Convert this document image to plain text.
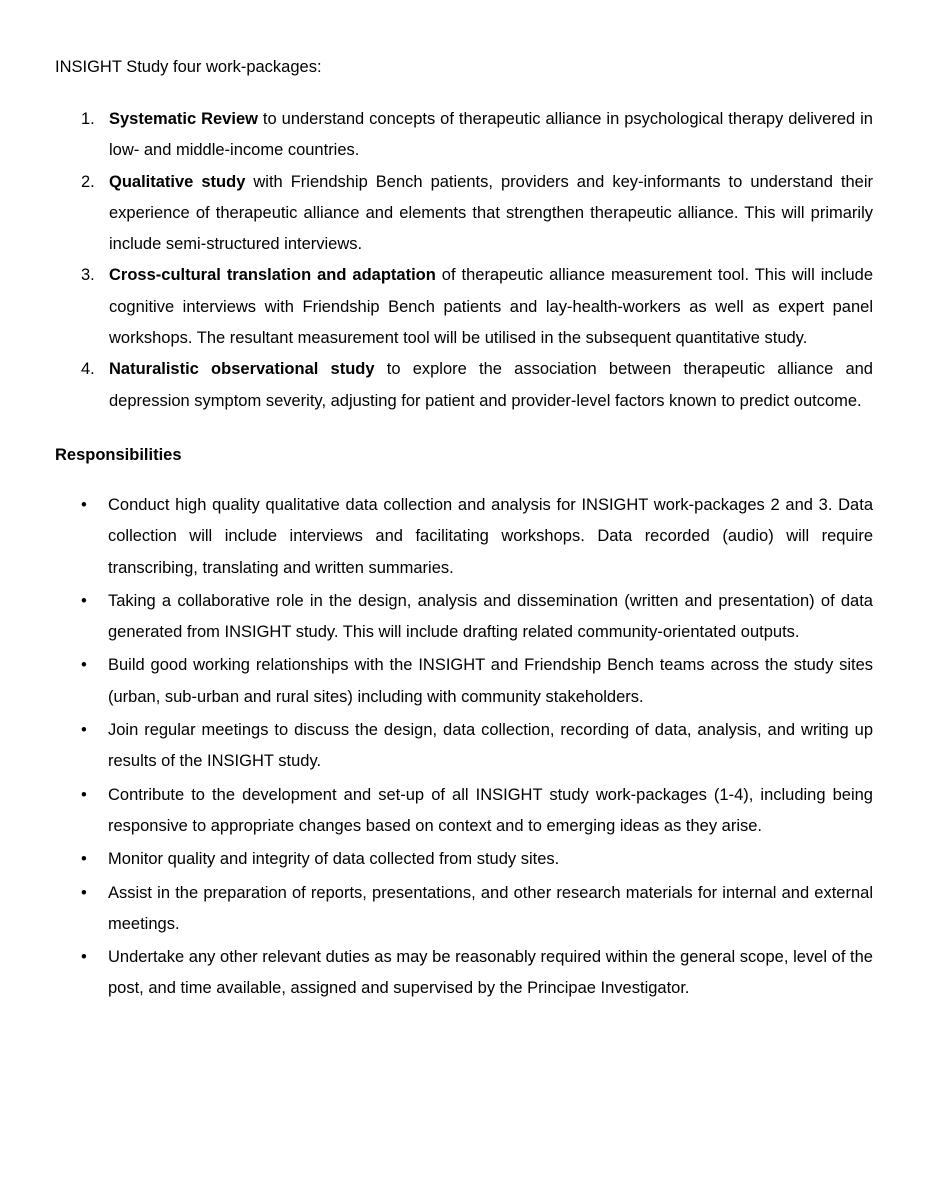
INSIGHT Study four work-packages:

1. Systematic Review to understand concepts of therapeutic alliance in psychological therapy delivered in low- and middle-income countries.
2. Qualitative study with Friendship Bench patients, providers and key-informants to understand their experience of therapeutic alliance and elements that strengthen therapeutic alliance. This will primarily include semi-structured interviews.
3. Cross-cultural translation and adaptation of therapeutic alliance measurement tool. This will include cognitive interviews with Friendship Bench patients and lay-health-workers as well as expert panel workshops. The resultant measurement tool will be utilised in the subsequent quantitative study.
4. Naturalistic observational study to explore the association between therapeutic alliance and depression symptom severity, adjusting for patient and provider-level factors known to predict outcome.
Responsibilities
• Conduct high quality qualitative data collection and analysis for INSIGHT work-packages 2 and 3. Data collection will include interviews and facilitating workshops. Data recorded (audio) will require transcribing, translating and written summaries.
• Taking a collaborative role in the design, analysis and dissemination (written and presentation) of data generated from INSIGHT study. This will include drafting related community-orientated outputs.
• Build good working relationships with the INSIGHT and Friendship Bench teams across the study sites (urban, sub-urban and rural sites) including with community stakeholders.
• Join regular meetings to discuss the design, data collection, recording of data, analysis, and writing up results of the INSIGHT study.
• Contribute to the development and set-up of all INSIGHT study work-packages (1-4), including being responsive to appropriate changes based on context and to emerging ideas as they arise.
• Monitor quality and integrity of data collected from study sites.
• Assist in the preparation of reports, presentations, and other research materials for internal and external meetings.
• Undertake any other relevant duties as may be reasonably required within the general scope, level of the post, and time available, assigned and supervised by the Principae Investigator.
